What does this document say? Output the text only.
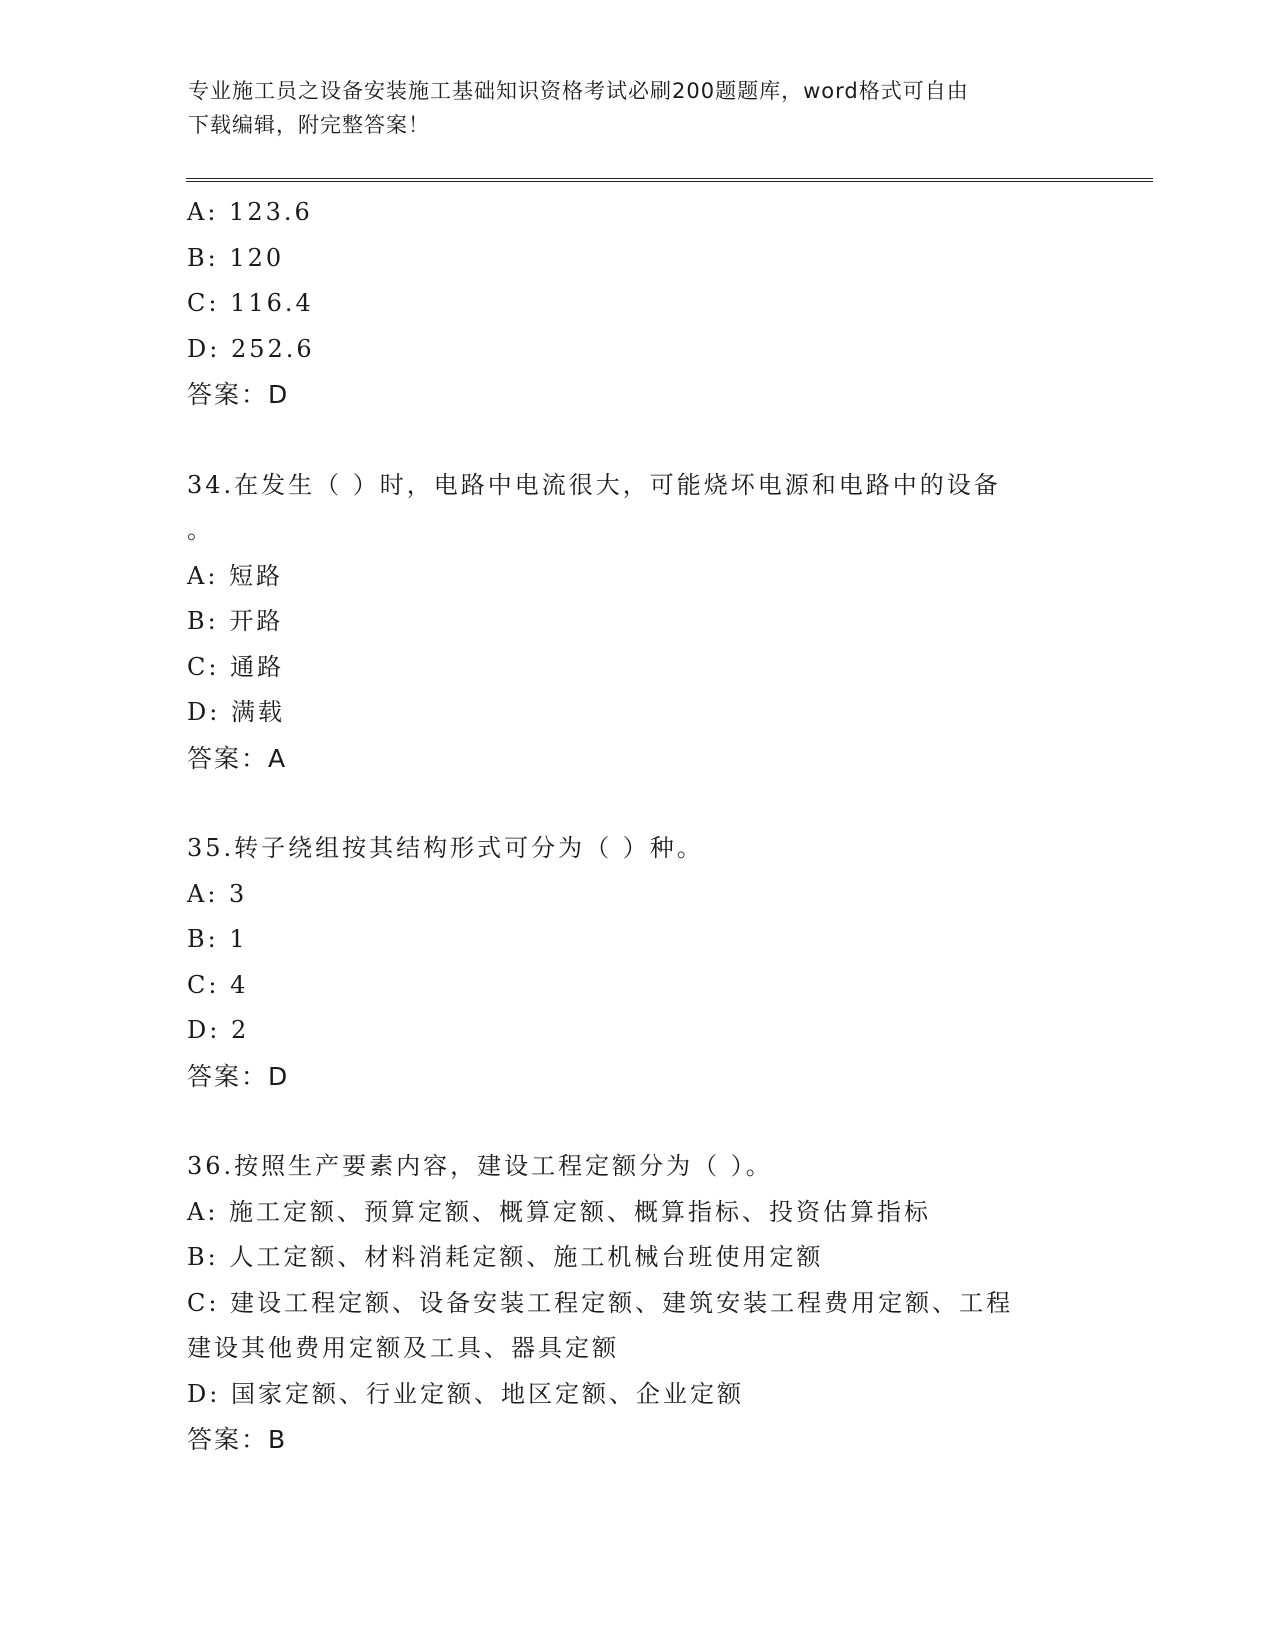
专业施工员之设备安装施工基础知识资格考试必刷200题题库，word格式可自由
下载编辑，附完整答案！
A: 123.6
B: 120
C: 116.4
D: 252.6
答案：D
34.在发生（ ）时，电路中电流很大，可能烧坏电源和电路中的设备
。
A: 短路
B: 开路
C: 通路
D: 满载
答案：A
35.转子绕组按其结构形式可分为（ ）种。
A: 3
B: 1
C: 4
D: 2
答案：D
36.按照生产要素内容，建设工程定额分为（ ）。
A: 施工定额、预算定额、概算定额、概算指标、投资估算指标
B: 人工定额、材料消耗定额、施工机械台班使用定额
C: 建设工程定额、设备安装工程定额、建筑安装工程费用定额、工程
建设其他费用定额及工具、器具定额
D: 国家定额、行业定额、地区定额、企业定额
答案：B
